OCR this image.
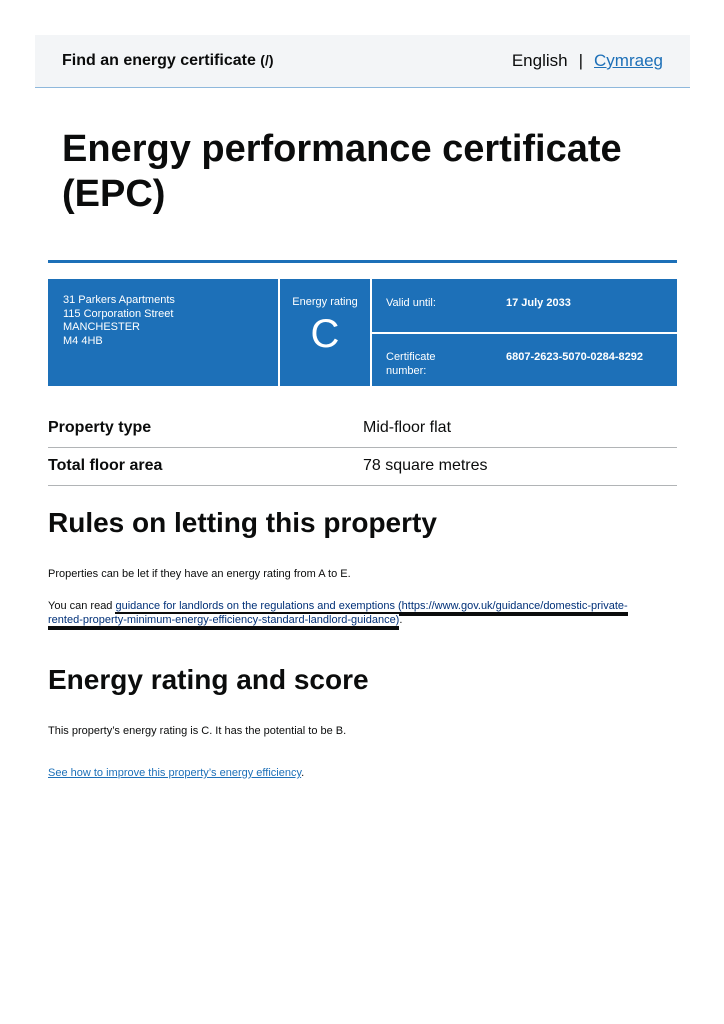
Find an energy certificate (/)	English | Cymraeg
Energy performance certificate (EPC)
31 Parkers Apartments
115 Corporation Street
MANCHESTER
M4 4HB
Energy rating
C
Valid until:	17 July 2033
Certificate number:
6807-2623-5070-0284-8292
Property type	Mid-floor flat
Total floor area	78 square metres
Rules on letting this property

Properties can be let if they have an energy rating from A to E.

You can read guidance for landlords on the regulations and exemptions (https://www.gov.uk/guidance/domestic-private-rented-property-minimum-energy-efficiency-standard-landlord-guidance).

Energy rating and score

This property’s energy rating is C. It has the potential to be B.

See how to improve this property’s energy efficiency.
